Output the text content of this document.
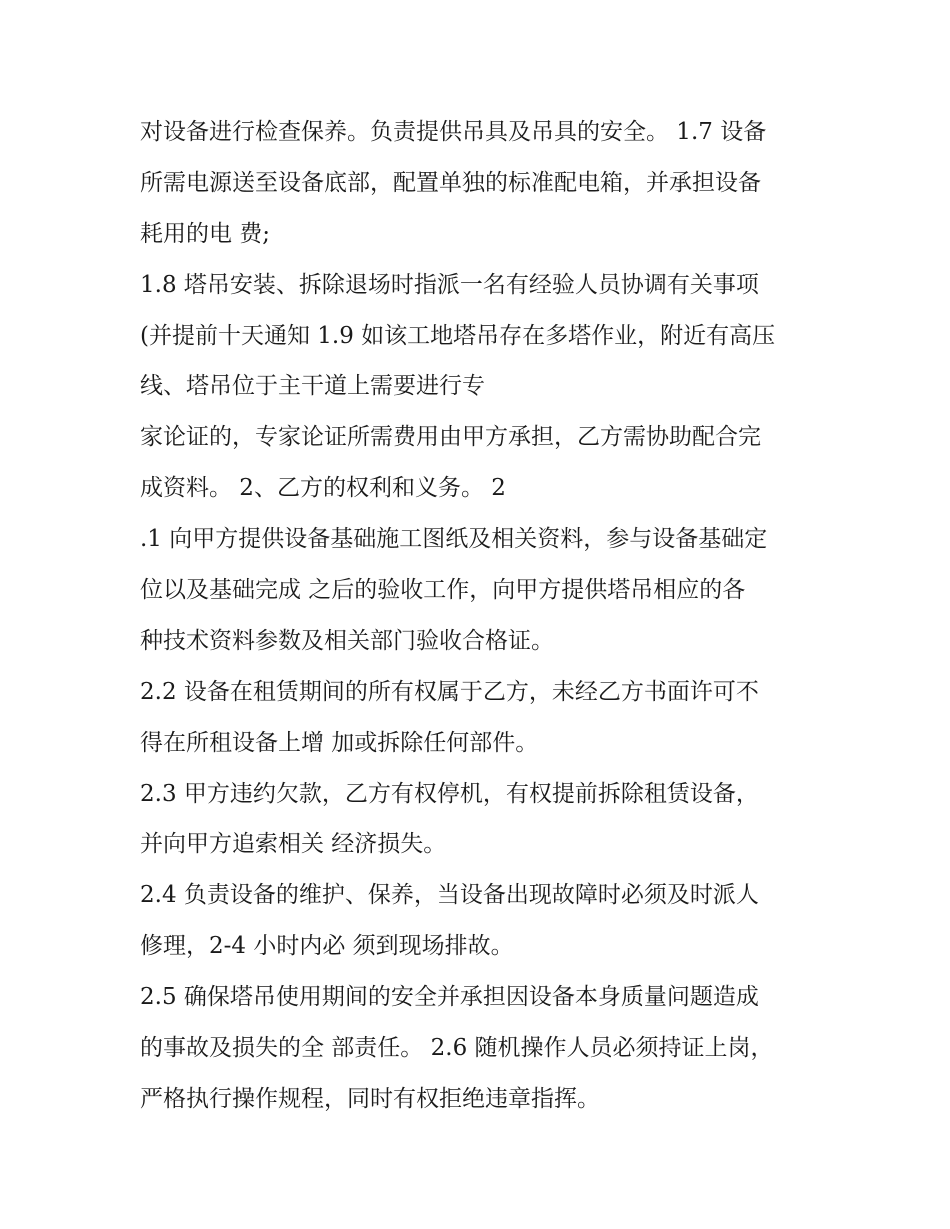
对设备进行检查保养。负责提供吊具及吊具的安全。 1.7 设备
所需电源送至设备底部，配置单独的标准配电箱，并承担设备
耗用的电 费;
1.8 塔吊安装、拆除退场时指派一名有经验人员协调有关事项
(并提前十天通知 1.9 如该工地塔吊存在多塔作业，附近有高压
线、塔吊位于主干道上需要进行专
家论证的，专家论证所需费用由甲方承担，乙方需协助配合完
成资料。 2、乙方的权利和义务。 2
.1 向甲方提供设备基础施工图纸及相关资料，参与设备基础定
位以及基础完成 之后的验收工作，向甲方提供塔吊相应的各
种技术资料参数及相关部门验收合格证。
2.2 设备在租赁期间的所有权属于乙方，未经乙方书面许可不
得在所租设备上增 加或拆除任何部件。
2.3 甲方违约欠款，乙方有权停机，有权提前拆除租赁设备，
并向甲方追索相关 经济损失。
2.4 负责设备的维护、保养，当设备出现故障时必须及时派人
修理，2-4 小时内必 须到现场排故。
2.5 确保塔吊使用期间的安全并承担因设备本身质量问题造成
的事故及损失的全 部责任。 2.6 随机操作人员必须持证上岗，
严格执行操作规程，同时有权拒绝违章指挥。
